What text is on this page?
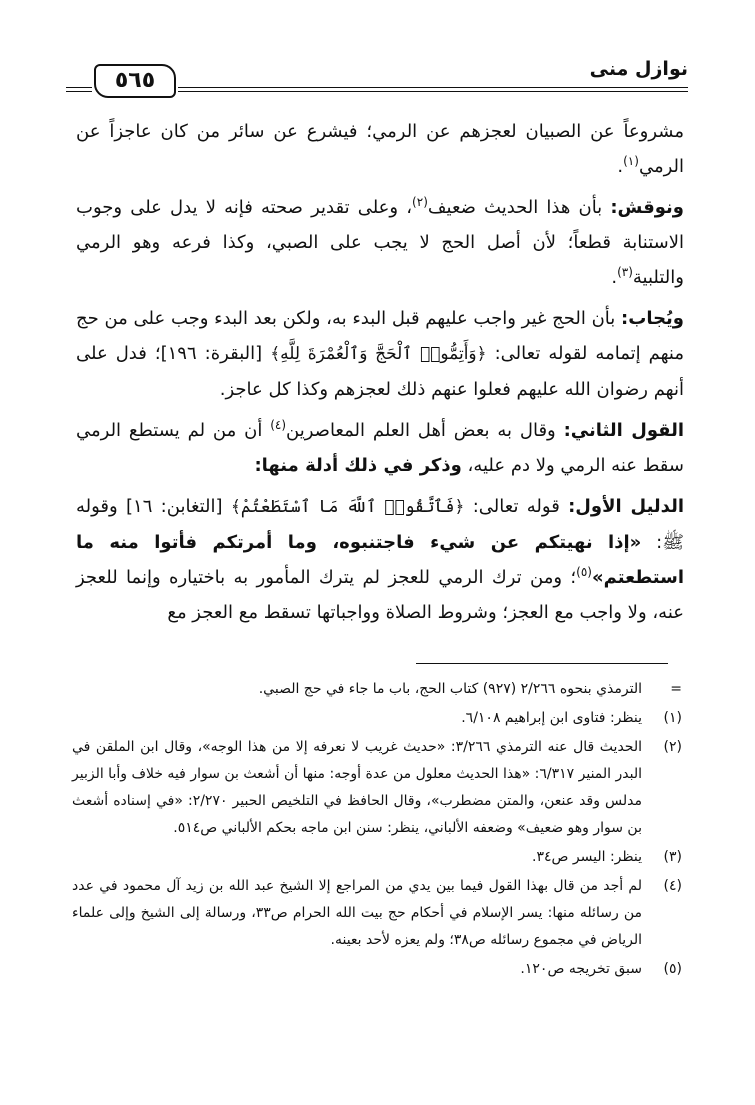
نوازل منى
٥٦٥

مشروعاً عن الصبيان لعجزهم عن الرمي؛ فيشرع عن سائر من كان عاجزاً عن الرمي$^{(١)}$.

ونوقش: بأن هذا الحديث ضعيف$^{(٢)}$، وعلى تقدير صحته فإنه لا يدل على وجوب الاستنابة قطعاً؛ لأن أصل الحج لا يجب على الصبي، وكذا فرعه وهو الرمي والتلبية$^{(٣)}$.

ويُجاب: بأن الحج غير واجب عليهم قبل البدء به، ولكن بعد البدء وجب على من حج منهم إتمامه لقوله تعالى: ﴿وَأَتِمُّوا۟ ٱلْحَجَّ وَٱلْعُمْرَةَ لِلَّهِ﴾ [البقرة: ١٩٦]؛ فدل على أنهم رضوان الله عليهم فعلوا عنهم ذلك لعجزهم وكذا كل عاجز.

القول الثاني: وقال به بعض أهل العلم المعاصرين$^{(٤)}$ أن من لم يستطع الرمي سقط عنه الرمي ولا دم عليه، وذكر في ذلك أدلة منها:

الدليل الأول: قوله تعالى: ﴿فَٱتَّقُوا۟ ٱللَّهَ مَا ٱسْتَطَعْتُمْ﴾ [التغابن: ١٦] وقوله ﷺ: «إذا نهيتكم عن شيء فاجتنبوه، وما أمرتكم فأتوا منه ما استطعتم»$^{(٥)}$؛ ومن ترك الرمي للعجز لم يترك المأمور به باختياره وإنما للعجز عنه، ولا واجب مع العجز؛ وشروط الصلاة وواجباتها تسقط مع العجز مع

=
الترمذي بنحوه ٢/٢٦٦ (٩٢٧) كتاب الحج، باب ما جاء في حج الصبي.
(١)
ينظر: فتاوى ابن إبراهيم ٦/١٠٨.
(٢)
الحديث قال عنه الترمذي ٣/٢٦٦: «حديث غريب لا نعرفه إلا من هذا الوجه»، وقال ابن الملقن في البدر المنير ٦/٣١٧: «هذا الحديث معلول من عدة أوجه: منها أن أشعث بن سوار فيه خلاف وأبا الزبير مدلس وقد عنعن، والمتن مضطرب»، وقال الحافظ في التلخيص الحبير ٢/٢٧٠: «في إسناده أشعث بن سوار وهو ضعيف» وضعفه الألباني، ينظر: سنن ابن ماجه بحكم الألباني ص٥١٤.
(٣)
ينظر: اليسر ص٣٤.
(٤)
لم أجد من قال بهذا القول فيما بين يدي من المراجع إلا الشيخ عبد الله بن زيد آل محمود في عدد من رسائله منها: يسر الإسلام في أحكام حج بيت الله الحرام ص٣٣، ورسالة إلى الشيخ وإلى علماء الرياض في مجموع رسائله ص٣٨؛ ولم يعزه لأحد بعينه.
(٥)
سبق تخريجه ص١٢٠.
